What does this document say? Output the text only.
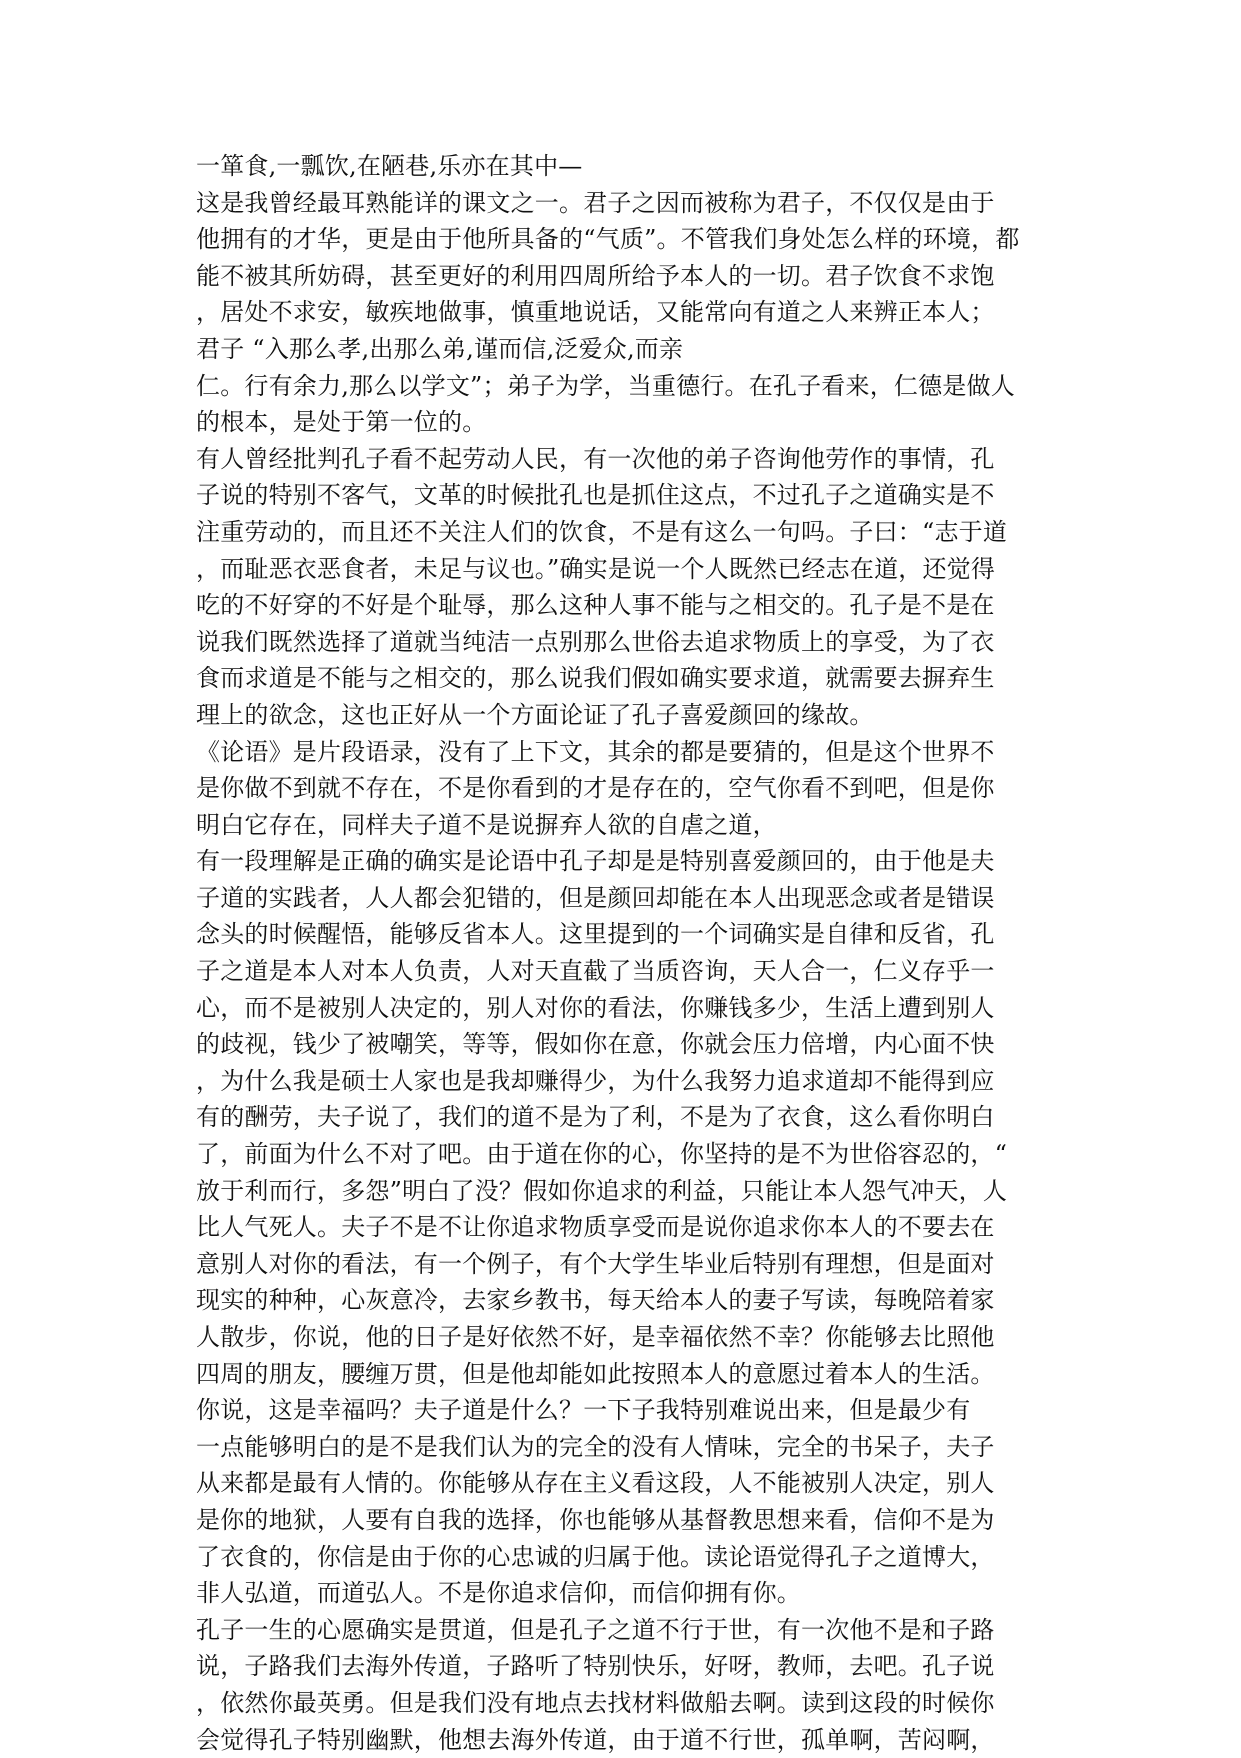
一箪食,一瓢饮,在陋巷,乐亦在其中—
这是我曾经最耳熟能详的课文之一。君子之因而被称为君子，不仅仅是由于
他拥有的才华，更是由于他所具备的“气质”。不管我们身处怎么样的环境，都
能不被其所妨碍，甚至更好的利用四周所给予本人的一切。君子饮食不求饱
，居处不求安，敏疾地做事，慎重地说话，又能常向有道之人来辨正本人；
君子 “入那么孝,出那么弟,谨而信,泛爱众,而亲
仁。行有余力,那么以学文”；弟子为学，当重德行。在孔子看来，仁德是做人
的根本，是处于第一位的。
有人曾经批判孔子看不起劳动人民，有一次他的弟子咨询他劳作的事情，孔
子说的特别不客气，文革的时候批孔也是抓住这点，不过孔子之道确实是不
注重劳动的，而且还不关注人们的饮食，不是有这么一句吗。子曰：“志于道
，而耻恶衣恶食者，未足与议也。”确实是说一个人既然已经志在道，还觉得
吃的不好穿的不好是个耻辱，那么这种人事不能与之相交的。孔子是不是在
说我们既然选择了道就当纯洁一点别那么世俗去追求物质上的享受，为了衣
食而求道是不能与之相交的，那么说我们假如确实要求道，就需要去摒弃生
理上的欲念，这也正好从一个方面论证了孔子喜爱颜回的缘故。
《论语》是片段语录，没有了上下文，其余的都是要猜的，但是这个世界不
是你做不到就不存在，不是你看到的才是存在的，空气你看不到吧，但是你
明白它存在，同样夫子道不是说摒弃人欲的自虐之道，
有一段理解是正确的确实是论语中孔子却是是特别喜爱颜回的，由于他是夫
子道的实践者，人人都会犯错的，但是颜回却能在本人出现恶念或者是错误
念头的时候醒悟，能够反省本人。这里提到的一个词确实是自律和反省，孔
子之道是本人对本人负责，人对天直截了当质咨询，天人合一，仁义存乎一
心，而不是被别人决定的，别人对你的看法，你赚钱多少，生活上遭到别人
的歧视，钱少了被嘲笑，等等，假如你在意，你就会压力倍增，内心面不快
，为什么我是硕士人家也是我却赚得少，为什么我努力追求道却不能得到应
有的酬劳，夫子说了，我们的道不是为了利，不是为了衣食，这么看你明白
了，前面为什么不对了吧。由于道在你的心，你坚持的是不为世俗容忍的，“
放于利而行，多怨”明白了没？假如你追求的利益，只能让本人怨气冲天，人
比人气死人。夫子不是不让你追求物质享受而是说你追求你本人的不要去在
意别人对你的看法，有一个例子，有个大学生毕业后特别有理想，但是面对
现实的种种，心灰意冷，去家乡教书，每天给本人的妻子写读，每晚陪着家
人散步，你说，他的日子是好依然不好，是幸福依然不幸？你能够去比照他
四周的朋友，腰缠万贯，但是他却能如此按照本人的意愿过着本人的生活。
你说，这是幸福吗？夫子道是什么？一下子我特别难说出来，但是最少有
一点能够明白的是不是我们认为的完全的没有人情味，完全的书呆子，夫子
从来都是最有人情的。你能够从存在主义看这段，人不能被别人决定，别人
是你的地狱，人要有自我的选择，你也能够从基督教思想来看，信仰不是为
了衣食的，你信是由于你的心忠诚的归属于他。读论语觉得孔子之道博大，
非人弘道，而道弘人。不是你追求信仰，而信仰拥有你。
孔子一生的心愿确实是贯道，但是孔子之道不行于世，有一次他不是和子路
说，子路我们去海外传道，子路听了特别快乐，好呀，教师，去吧。孔子说
，依然你最英勇。但是我们没有地点去找材料做船去啊。读到这段的时候你
会觉得孔子特别幽默，他想去海外传道，由于道不行世，孤单啊，苦闷啊，
